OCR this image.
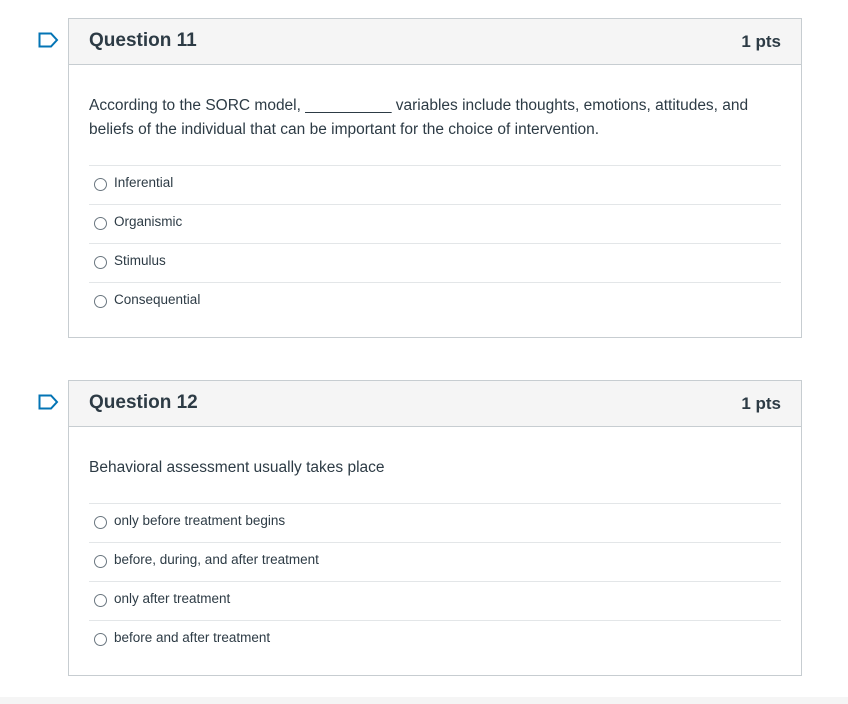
Question 11	1 pts
According to the SORC model, __________ variables include thoughts, emotions, attitudes, and beliefs of the individual that can be important for the choice of intervention.
Inferential
Organismic
Stimulus
Consequential
Question 12	1 pts
Behavioral assessment usually takes place
only before treatment begins
before, during, and after treatment
only after treatment
before and after treatment
